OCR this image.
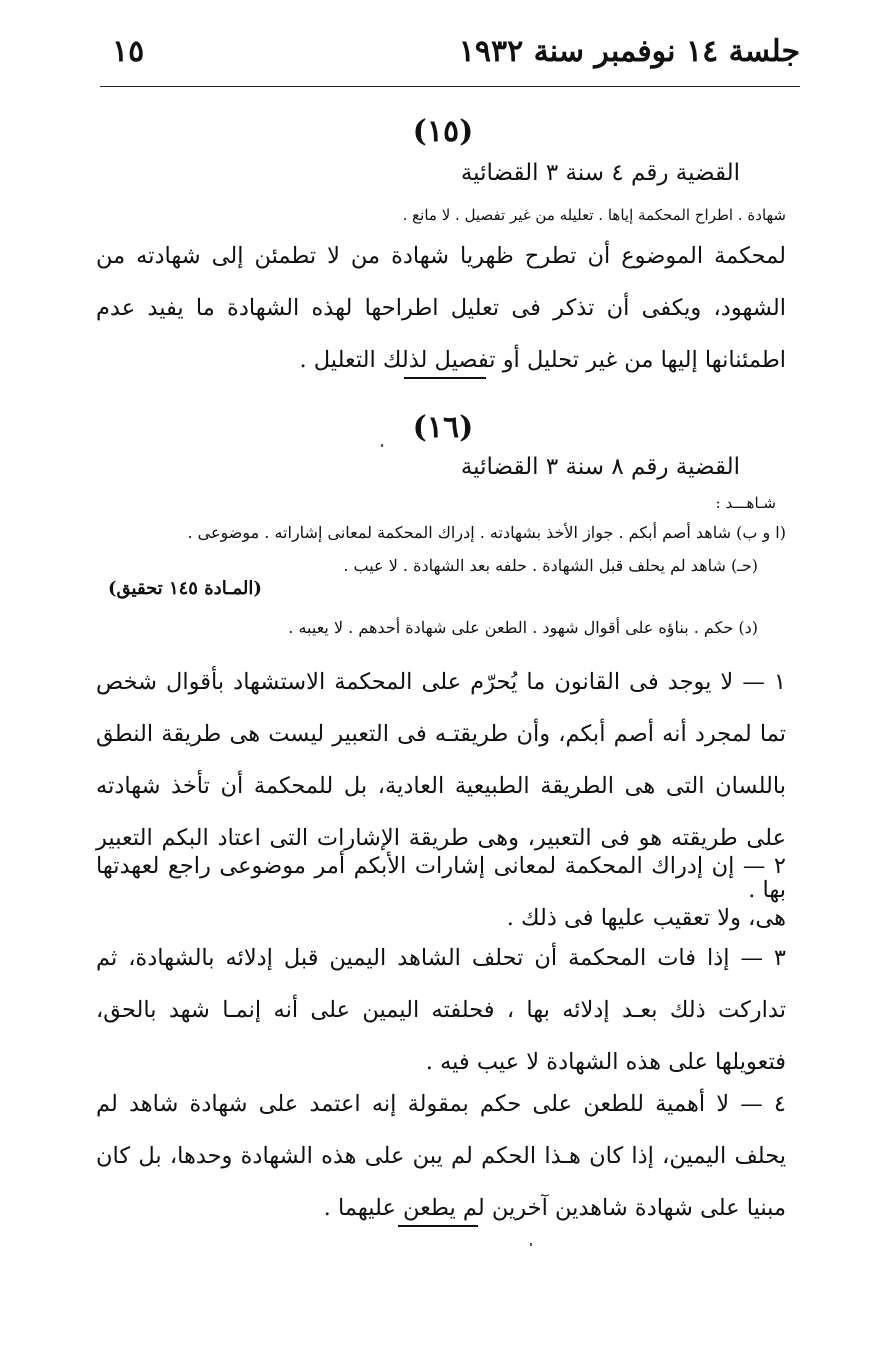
جلسة ١٤ نوفمبر سنة ١٩٣٢
١٥
(١٥)
القضية رقم ٤ سنة ٣ القضائية
شهادة . اطراح المحكمة إياها . تعليله من غير تفصيل . لا مانع .
لمحكمة الموضوع أن تطرح ظهريا شهادة من لا تطمئن إلى شهادته من الشهود، ويكفى أن تذكر فى تعليل اطراحها لهذه الشهادة ما يفيد عدم اطمئنانها إليها من غير تحليل أو تفصيل لذلك التعليل .
(١٦)
القضية رقم ٨ سنة ٣ القضائية
شـاهـــد :
(ا و ب) شاهد أصم أبكم . جواز الأخذ بشهادته . إدراك المحكمة لمعانى إشاراته . موضوعى .
(حـ) شاهد لم يحلف قبل الشهادة . حلفه بعد الشهادة . لا عيب .
(المـادة ١٤٥ تحقيق)
(د) حكم . بناؤه على أقوال شهود . الطعن على شهادة أحدهم . لا يعيبه .
١ — لا يوجد فى القانون ما يُحرّم على المحكمة الاستشهاد بأقوال شخص تما لمجرد أنه أصم أبكم، وأن طريقتـه فى التعبير ليست هى طريقة النطق باللسان التى هى الطريقة الطبيعية العادية، بل للمحكمة أن تأخذ شهادته على طريقته هو فى التعبير، وهى طريقة الإشارات التى اعتاد البكم التعبير بها .
٢ — إن إدراك المحكمة لمعانى إشارات الأبكم أمر موضوعى راجع لعهدتها هى، ولا تعقيب عليها فى ذلك .
٣ — إذا فات المحكمة أن تحلف الشاهد اليمين قبل إدلائه بالشهادة، ثم تداركت ذلك بعـد إدلائه بها ، فحلفته اليمين على أنه إنمـا شهد بالحق، فتعويلها على هذه الشهادة لا عيب فيه .
٤ — لا أهمية للطعن على حكم بمقولة إنه اعتمد على شهادة شاهد لم يحلف اليمين، إذا كان هـذا الحكم لم يبن على هذه الشهادة وحدها، بل كان مبنيا على شهادة شاهدين آخرين لم يطعن عليهما .
